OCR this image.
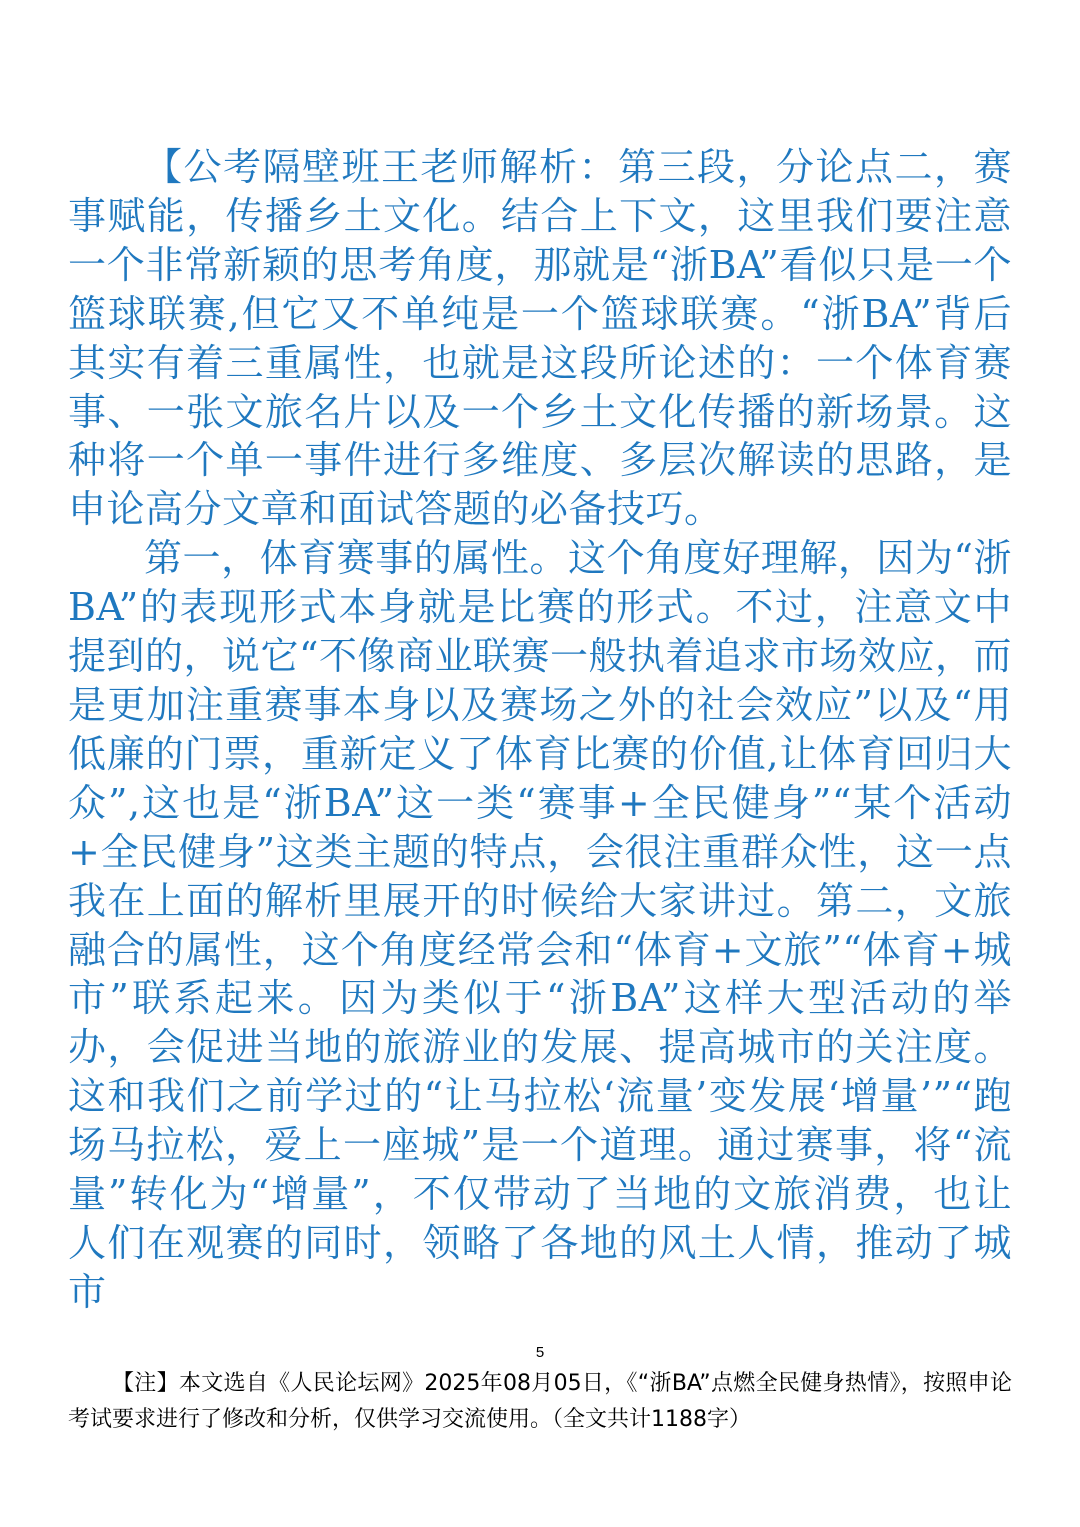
【公考隔壁班王老师解析：第三段，分论点二，赛事赋能，传播乡土文化。结合上下文，这里我们要注意一个非常新颖的思考角度，那就是“浙BA”看似只是一个篮球联赛,但它又不单纯是一个篮球联赛。“浙BA”背后其实有着三重属性，也就是这段所论述的：一个体育赛事、一张文旅名片以及一个乡土文化传播的新场景。这种将一个单一事件进行多维度、多层次解读的思路，是申论高分文章和面试答题的必备技巧。

第一，体育赛事的属性。这个角度好理解，因为“浙BA”的表现形式本身就是比赛的形式。不过，注意文中提到的，说它“不像商业联赛一般执着追求市场效应，而是更加注重赛事本身以及赛场之外的社会效应”以及“用低廉的门票，重新定义了体育比赛的价值,让体育回归大众”,这也是“浙BA”这一类“赛事+全民健身”“某个活动+全民健身”这类主题的特点，会很注重群众性，这一点我在上面的解析里展开的时候给大家讲过。第二，文旅融合的属性，这个角度经常会和“体育+文旅”“体育+城市”联系起来。因为类似于“浙BA”这样大型活动的举办，会促进当地的旅游业的发展、提高城市的关注度。这和我们之前学过的“让马拉松‘流量’变发展‘增量’”“跑场马拉松，爱上一座城”是一个道理。通过赛事，将“流量”转化为“增量”，不仅带动了当地的文旅消费，也让人们在观赛的同时，领略了各地的风土人情，推动了城市

5

【注】本文选自《人民论坛网》2025年08月05日，《“浙BA”点燃全民健身热情》，按照申论考试要求进行了修改和分析，仅供学习交流使用。（全文共计1188字）
